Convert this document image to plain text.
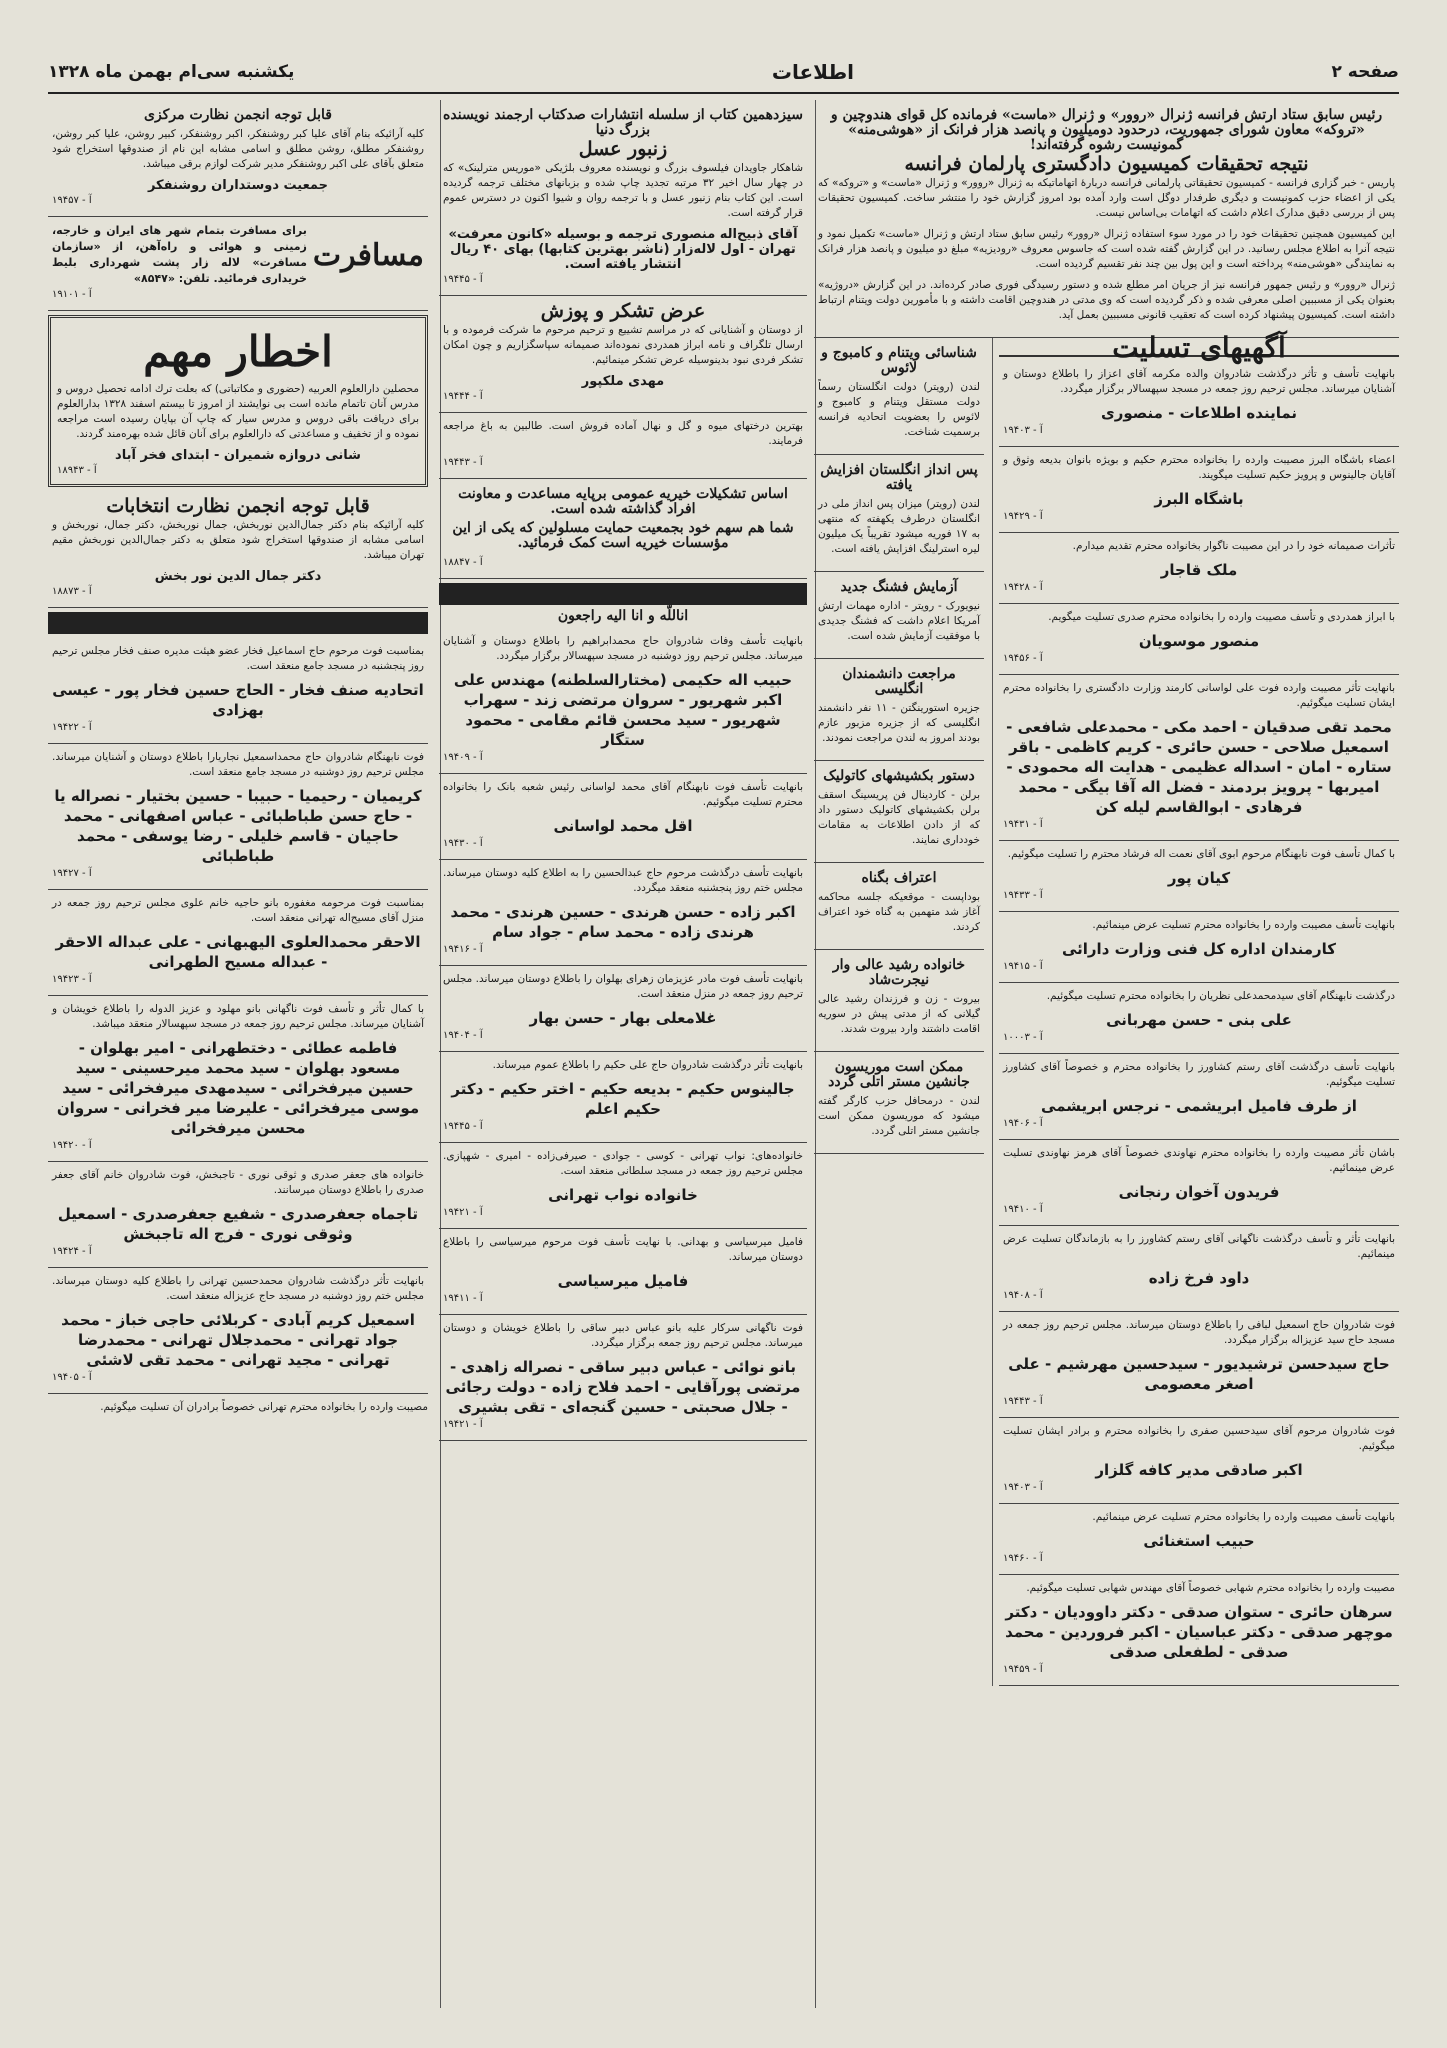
صفحه ۲
اطلاعات
یکشنبه سی‌ام بهمن ماه ۱۳۲۸
رئیس سابق ستاد ارتش فرانسه ژنرال «روور» و ژنرال «ماست» فرمانده کل قوای هندوچین و «تروکه» معاون شورای جمهوریت، درحدود دومیلیون و پانصد هزار فرانک از «هوشی‌منه» گمونیست رشوه گرفته‌اند!
نتیجه تحقیقات کمیسیون دادگستری پارلمان فرانسه

پاریس - خبر گزاری فرانسه - کمیسیون تحقیقاتی پارلمانی فرانسه دربارهٔ اتهاماتیکه به ژنرال «روور» و ژنرال «ماست» و «تروکه» که یکی از اعضاء حزب کمونیست و دیگری طرفدار دوگل است وارد آمده بود امروز گزارش خود را منتشر ساخت. کمیسیون تحقیقات پس از بررسی دقیق مدارک اعلام داشت که اتهامات بی‌اساس نیست.

این کمیسیون همچنین تحقیقات خود را در مورد سوء استفاده ژنرال «روور» رئیس سابق ستاد ارتش و ژنرال «ماست» تکمیل نمود و نتیجه آنرا به اطلاع مجلس رسانید. در این گزارش گفته شده است که جاسوس معروف «رودیزیه» مبلغ دو میلیون و پانصد هزار فرانک به نمایندگی «هوشی‌منه» پرداخته است و این پول بین چند نفر تقسیم گردیده است.

ژنرال «روور» و رئیس جمهور فرانسه نیز از جریان امر مطلع شده و دستور رسیدگی فوری صادر کرده‌اند. در این گزارش «دروژیه» بعنوان یکی از مسببین اصلی معرفی شده و ذکر گردیده است که وی مدتی در هندوچین اقامت داشته و با مأمورین دولت ویتنام ارتباط داشته است. کمیسیون پیشنهاد کرده است که تعقیب قانونی مسببین بعمل آید.

آگهیهای تسلیت

بانهایت تأسف و تأثر درگذشت شادروان والده مکرمه آقای اعزاز را باطلاع دوستان و آشنایان میرساند. مجلس ترحیم روز جمعه در مسجد سپهسالار برگزار میگردد.

نماینده اطلاعات - منصوری
آ - ۱۹۴۰۳

اعضاء باشگاه البرز مصیبت وارده را بخانواده محترم حکیم و بویژه بانوان بدیعه وثوق و آقایان جالینوس و پرویز حکیم تسلیت میگویند.

باشگاه البرز
آ - ۱۹۴۲۹

تأثرات صمیمانه خود را در این مصیبت ناگوار بخانواده محترم تقدیم میدارم.

ملک قاجار
آ - ۱۹۴۲۸

با ابراز همدردی و تأسف مصیبت وارده را بخانواده محترم صدری تسلیت میگویم.

منصور موسویان
آ - ۱۹۴۵۶

بانهایت تأثر مصیبت وارده فوت علی لواسانی کارمند وزارت دادگستری را بخانواده محترم ایشان تسلیت میگوئیم.

محمد تقی صدقیان - احمد مکی - محمدعلی شافعی - اسمعیل صلاحی - حسن حائری - کریم کاظمی - باقر ستاره - امان - اسداله عظیمی - هدایت اله محمودی - امیربها - پرویز بردمند - فضل اله آقا بیگی - محمد فرهادی - ابوالقاسم لیله کن
آ - ۱۹۴۳۱

با کمال تأسف فوت نابهنگام مرحوم ابوی آقای نعمت اله فرشاد محترم را تسلیت میگوئیم.

کیان پور
آ - ۱۹۴۳۳

بانهایت تأسف مصیبت وارده را بخانواده محترم تسلیت عرض مینمائیم.

کارمندان اداره کل فنی وزارت دارائی
آ - ۱۹۴۱۵

درگذشت نابهنگام آقای سیدمحمدعلی نظریان را بخانواده محترم تسلیت میگوئیم.

علی بنی - حسن مهربانی
آ - ۱۰۰۰۳

بانهایت تأسف درگذشت آقای رستم کشاورز را بخانواده محترم و خصوصاً آقای کشاورز تسلیت میگوئیم.

از طرف فامیل ابریشمی - نرجس ابریشمی
آ - ۱۹۴۰۶

باشان تأثر مصیبت وارده را بخانواده محترم نهاوندی خصوصاً آقای هرمز نهاوندی تسلیت عرض مینمائیم.

فریدون آخوان رنجانی
آ - ۱۹۴۱۰

بانهایت تأثر و تأسف درگذشت ناگهانی آقای رستم کشاورز را به بازماندگان تسلیت عرض مینمائیم.

داود فرخ زاده
آ - ۱۹۴۰۸

فوت شادروان حاج اسمعیل لبافی را باطلاع دوستان میرساند. مجلس ترحیم روز جمعه در مسجد حاج سید عزیزاله برگزار میگردد.

حاج سیدحسن ترشیدیور - سیدحسین مهرشیم - علی اصغر معصومی
آ - ۱۹۴۴۳

فوت شادروان مرحوم آقای سیدحسین صفری را بخانواده محترم و برادر ایشان تسلیت میگوئیم.

اکبر صادقی مدیر کافه گلزار
آ - ۱۹۴۰۳

بانهایت تأسف مصیبت وارده را بخانواده محترم تسلیت عرض مینمائیم.

حبیب استغنائی
آ - ۱۹۴۶۰

مصیبت وارده را بخانواده محترم شهابی خصوصاً آقای مهندس شهابی تسلیت میگوئیم.

سرهان حائری - ستوان صدقی - دکتر داوودیان - دکتر موچهر صدقی - دکتر عباسیان - اکبر فروردین - محمد صدقی - لطفعلی صدقی
آ - ۱۹۴۵۹
شناسائی ویتنام و کامبوج و لائوس

لندن (رویتر) دولت انگلستان رسماً دولت مستقل ویتنام و کامبوج و لائوس را بعضویت اتحادیه فرانسه برسمیت شناخت.

پس انداز انگلستان افزایش یافته

لندن (رویتر) میزان پس انداز ملی در انگلستان درطرف یکهفته که منتهی به ۱۷ فوریه میشود تقریباً یک میلیون لیره استرلینگ افزایش یافته است.

آزمایش فشنگ جدید

نیویورک - رویتر - اداره مهمات ارتش آمریکا اعلام داشت که فشنگ جدیدی با موفقیت آزمایش شده است.

مراجعت دانشمندان انگلیسی

جزیره استورینگتن - ۱۱ نفر دانشمند انگلیسی که از جزیره مزبور عازم بودند امروز به لندن مراجعت نمودند.

دستور بکشیشهای کاتولیک

برلن - کاردینال فن پریسینگ اسقف برلن بکشیشهای کاتولیک دستور داد که از دادن اطلاعات به مقامات خودداری نمایند.

اعتراف بگناه

بوداپست - موقعیکه جلسه محاکمه آغاز شد متهمین به گناه خود اعتراف کردند.

خانواده رشید عالی وار نیجرت‌شاد

بیروت - زن و فرزندان رشید عالی گیلانی که از مدتی پیش در سوریه اقامت داشتند وارد بیروت شدند.

ممکن است موریسون جانشین مستر اتلی گردد

لندن - درمحافل حزب کارگر گفته میشود که موریسون ممکن است جانشین مستر اتلی گردد.

سیزدهمین کتاب از سلسله انتشارات صدکتاب ارجمند نویسنده بزرگ دنیا
زنبور عسل

شاهکار جاویدان فیلسوف بزرگ و نویسنده معروف بلژیکی «موریس مترلینک» که در چهار سال اخیر ۳۲ مرتبه تجدید چاپ شده و بزبانهای مختلف ترجمه گردیده است. این کتاب بنام زنبور عسل و با ترجمه روان و شیوا اکنون در دسترس عموم قرار گرفته است.

آقای ذبیح‌اله منصوری ترجمه و بوسیله «کانون معرفت» تهران - اول لاله‌زار (ناشر بهترین کتابها) بهای ۴۰ ریال انتشار یافته است.
آ - ۱۹۴۴۵
عرض تشکر و پوزش

از دوستان و آشنایانی که در مراسم تشییع و ترحیم مرحوم ما شرکت فرموده و با ارسال تلگراف و نامه ابراز همدردی نموده‌اند صمیمانه سپاسگزاریم و چون امکان تشکر فردی نبود بدینوسیله عرض تشکر مینمائیم.

مهدی ملکپور
آ - ۱۹۴۴۴

بهترین درختهای میوه و گل و نهال آماده فروش است. طالبین به باغ مراجعه فرمایند.

آ - ۱۹۴۴۳
اساس تشکیلات خیریه عمومی برپایه مساعدت و معاونت افراد گذاشته شده است.
شما هم سهم خود بجمعیت حمایت مسلولین که یکی از این مؤسسات خیریه است کمک فرمائید.
آ - ۱۸۸۴۷
اناللّه و انا الیه راجعون

بانهایت تأسف وفات شادروان حاج محمدابراهیم را باطلاع دوستان و آشنایان میرساند. مجلس ترحیم روز دوشنبه در مسجد سپهسالار برگزار میگردد.

حبیب اله حکیمی (مختارالسلطنه) مهندس علی اکبر شهریور - سروان مرتضی زند - سهراب شهریور - سید محسن قائم مقامی - محمود ستگار
آ - ۱۹۴۰۹

بانهایت تأسف فوت نابهنگام آقای محمد لواسانی رئیس شعبه بانک را بخانواده محترم تسلیت میگوئیم.

اقل محمد لواسانی
آ - ۱۹۴۳۰

بانهایت تأسف درگذشت مرحوم حاج عبدالحسین را به اطلاع کلیه دوستان میرساند. مجلس ختم روز پنجشنبه منعقد میگردد.

اکبر زاده - حسن هرندی - حسین هرندی - محمد هرندی زاده - محمد سام - جواد سام
آ - ۱۹۴۱۶

بانهایت تأسف فوت مادر عزیزمان زهرای بهلوان را باطلاع دوستان میرساند. مجلس ترحیم روز جمعه در منزل منعقد است.

غلامعلی بهار - حسن بهار
آ - ۱۹۴۰۴

بانهایت تأثر درگذشت شادروان حاج علی حکیم را باطلاع عموم میرساند.

جالینوس حکیم - بدیعه حکیم - اختر حکیم - دکتر حکیم اعلم
آ - ۱۹۴۴۵

خانواده‌های: نواب تهرانی - کوسی - جوادی - صیرفی‌زاده - امیری - شهپازی. مجلس ترحیم روز جمعه در مسجد سلطانی منعقد است.

خانواده نواب تهرانی
آ - ۱۹۴۲۱

فامیل میرسیاسی و بهدانی. با نهایت تأسف فوت مرحوم میرسیاسی را باطلاع دوستان میرساند.

فامیل میرسیاسی
آ - ۱۹۴۱۱

فوت ناگهانی سرکار علیه بانو عباس دبیر ساقی را باطلاع خویشان و دوستان میرساند. مجلس ترحیم روز جمعه برگزار میگردد.

بانو نوائی - عباس دبیر ساقی - نصراله زاهدی - مرتضی پورآقایی - احمد فلاح زاده - دولت رجائی - جلال صحبتی - حسین گنجه‌ای - تقی بشیری
آ - ۱۹۴۲۱
قابل توجه انجمن نظارت مرکزی

کلیه آرائیکه بنام آقای علیا کبر روشنفکر، اکبر روشنفکر، کبیر روشن، علیا کبر روشن، روشنفکر مطلق، روشن مطلق و اسامی مشابه این نام از صندوقها استخراج شود متعلق بآقای علی اکبر روشنفکر مدیر شرکت لوازم برقی میباشد.

جمعیت دوستداران روشنفکر
آ - ۱۹۴۵۷
مسافرت
برای مسافرت بتمام شهر های ایران و خارجه، زمینی و هوائی و راه‌آهن، از «سازمان مسافرت» لاله زار پشت شهرداری بلیط خریداری فرمائید. تلفن: «۸۵۴۷»
آ - ۱۹۱۰۱
اخطار مهم

محصلین دارالعلوم العربیه (حضوری و مکاتباتی) که بعلت ترك ادامه تحصیل دروس و مدرس آنان تاتمام مانده است بی نوایشند از امروز تا بیستم اسفند ۱۳۲۸ بدارالعلوم برای دریافت باقی دروس و مدرس سیار که چاپ آن بپایان رسیده است مراجعه نموده و از تخفیف و مساعدتی که دارالعلوم برای آنان قائل شده بهره‌مند گردند.

شانی دروازه شمیران - ابتدای فخر آباد
آ - ۱۸۹۴۳
قابل توجه انجمن نظارت انتخابات

کلیه آرائیکه بنام دکتر جمال‌الدین نوربخش، جمال نوربخش، دکتر جمال، نوربخش و اسامی مشابه از صندوقها استخراج شود متعلق به دکتر جمال‌الدین نوربخش مقیم تهران میباشد.

دکتر جمال الدین نور بخش
آ - ۱۸۸۷۳

بمناسبت فوت مرحوم حاج اسماعیل فخار عضو هیئت مدیره صنف فخار مجلس ترحیم روز پنجشنبه در مسجد جامع منعقد است.

اتحادیه صنف فخار - الحاج حسین فخار پور - عیسی بهزادی
آ - ۱۹۴۲۲

فوت نابهنگام شادروان حاج محمداسمعیل نجاریارا باطلاع دوستان و آشنایان میرساند. مجلس ترحیم روز دوشنبه در مسجد جامع منعقد است.

کریمیان - رحیمیا - حبیبا - حسین بختیار - نصراله یا - حاج حسن طباطبائی - عباس اصفهانی - محمد حاجیان - قاسم خلیلی - رضا یوسفی - محمد طباطبائی
آ - ۱۹۴۲۷

بمناسبت فوت مرحومه مغفوره بانو حاجیه خانم علوی مجلس ترحیم روز جمعه در منزل آقای مسیح‌اله تهرانی منعقد است.

الاحقر محمدالعلوی الیهبهانی - علی عبداله الاحقر - عبداله مسیح الطهرانی
آ - ۱۹۴۲۳

با کمال تأثر و تأسف فوت ناگهانی بانو مهلود و عزیز الدوله را باطلاع خویشان و آشنایان میرساند. مجلس ترحیم روز جمعه در مسجد سپهسالار منعقد میباشد.

فاطمه عطائی - دختطهرانی - امیر بهلوان - مسعود بهلوان - سید محمد میرحسینی - سید حسین میرفخرائی - سیدمهدی میرفخرائی - سید موسی میرفخرائی - علیرضا میر فخرانی - سروان محسن میرفخرائی
آ - ۱۹۴۲۰

خانواده های جعفر صدری و ثوقی نوری - تاجبخش، فوت شادروان خانم آقای جعفر صدری را باطلاع دوستان میرسانند.

تاجماه جعفرصدری - شفیع جعفرصدری - اسمعیل وثوقی نوری - فرج اله تاجبخش
آ - ۱۹۴۲۴

بانهایت تأثر درگذشت شادروان محمدحسین تهرانی را باطلاع کلیه دوستان میرساند. مجلس ختم روز دوشنبه در مسجد حاج عزیزاله منعقد است.

اسمعیل کریم آبادی - کربلائی حاجی خباز - محمد جواد تهرانی - محمدجلال تهرانی - محمدرضا تهرانی - مجید تهرانی - محمد تقی لاشئی
آ - ۱۹۴۰۵

مصیبت وارده را بخانواده محترم تهرانی خصوصاً برادران آن تسلیت میگوئیم.
